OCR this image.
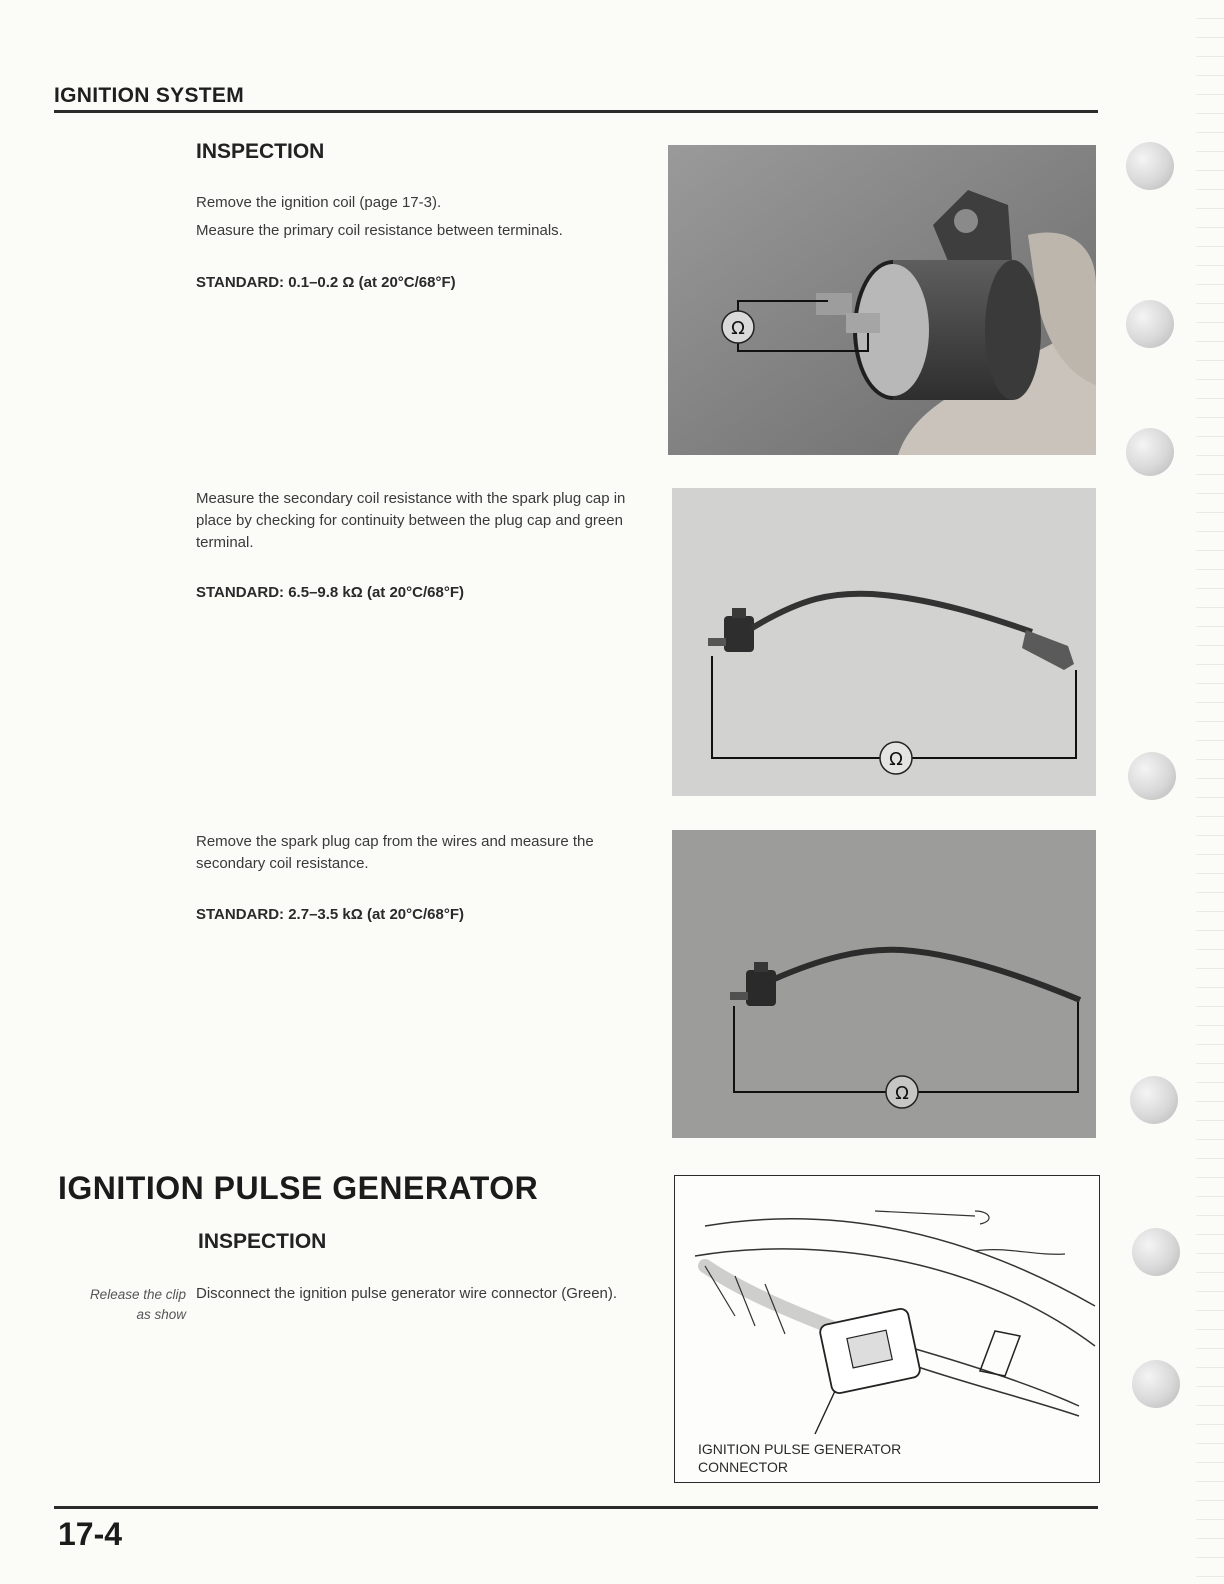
IGNITION SYSTEM
INSPECTION
Remove the ignition coil (page 17-3).
Measure the primary coil resistance between terminals.
STANDARD: 0.1–0.2 Ω (at 20°C/68°F)
Ω
Measure the secondary coil resistance with the spark plug cap in place by checking for continuity between the plug cap and green terminal.
STANDARD: 6.5–9.8 kΩ (at 20°C/68°F)
Ω
Remove the spark plug cap from the wires and measure the secondary coil resistance.
STANDARD: 2.7–3.5 kΩ (at 20°C/68°F)
Ω
IGNITION PULSE GENERATOR
INSPECTION
Release the clip as show
Disconnect the ignition pulse generator wire connector (Green).
IGNITION PULSE GENERATOR
CONNECTOR
17-4
